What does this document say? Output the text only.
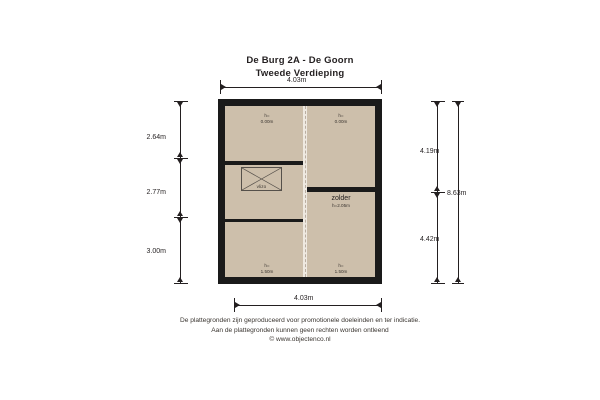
De Burg 2A - De Goorn
Tweede Verdieping
4.03m
vlizo
h=
0.00m
h=
0.00m
zolder
h=2.05m
h=
1.50m
h=
1.50m
2.64m
2.77m
3.00m
4.19m
4.42m
8.63m
4.03m
De plattegronden zijn geproduceerd voor promotionele doeleinden en ter indicatie.
Aan de plattegronden kunnen geen rechten worden ontleend
© www.objectenco.nl
